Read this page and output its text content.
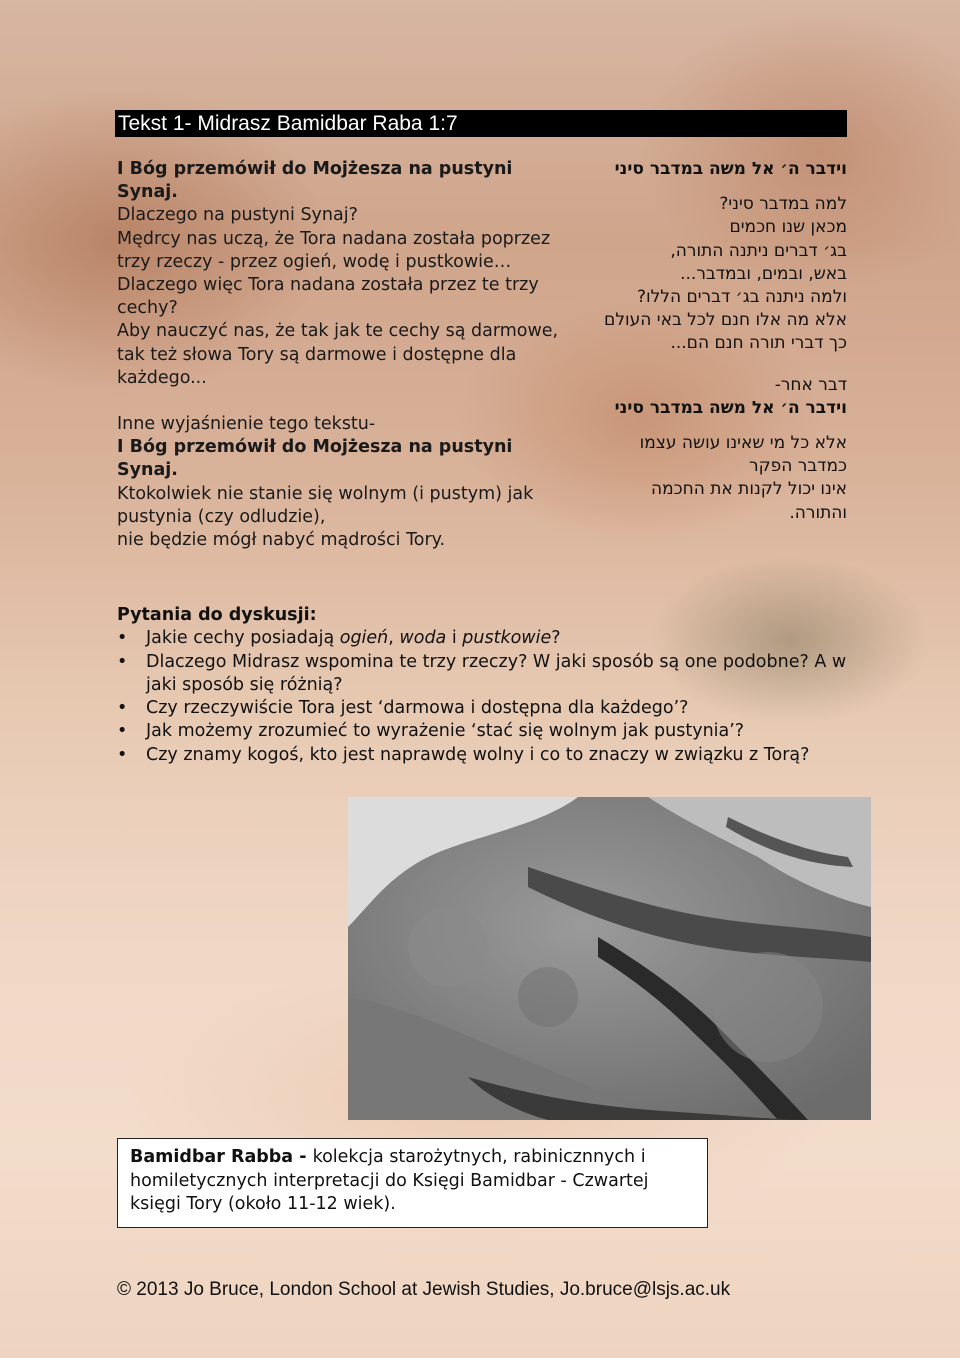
Tekst 1- Midrasz Bamidbar Raba 1:7

I Bóg przemówił do Mojżesza na pustyni

Synaj.

Dlaczego na pustyni Synaj?

Mędrcy nas uczą, że Tora nadana została poprzez

trzy rzeczy - przez ogień, wodę i pustkowie…

Dlaczego więc Tora nadana została przez te trzy

cechy?

Aby nauczyć nas, że tak jak te cechy są darmowe,

tak też słowa Tory są darmowe i dostępne dla

każdego...

Inne wyjaśnienie tego tekstu-

I Bóg przemówił do Mojżesza na pustyni

Synaj.

Ktokolwiek nie stanie się wolnym (i pustym) jak

pustynia (czy odludzie),

nie będzie mógł nabyć mądrości Tory.

וידבר ה׳ אל משה במדבר סיני

למה במדבר סיני?

מכאן שנו חכמים

בג׳ דברים ניתנה התורה,

באש, ובמים, ובמדבר...

ולמה ניתנה בג׳ דברים הללו?

אלא מה אלו חנם לכל באי העולם

כך דברי תורה חנם הם...

דבר אחר-

וידבר ה׳ אל משה במדבר סיני

אלא כל מי שאינו עושה עצמו

כמדבר הפקר

אינו יכול לקנות את החכמה

והתורה.

Pytania do dyskusji:
• Jakie cechy posiadają ogień, woda i pustkowie?
• Dlaczego Midrasz wspomina te trzy rzeczy? W jaki sposób są one podobne? A w jaki sposób się różnią?
• Czy rzeczywiście Tora jest ‘darmowa i dostępna dla każdego’?
• Jak możemy zrozumieć to wyrażenie ‘stać się wolnym jak pustynia’?
• Czy znamy kogoś, kto jest naprawdę wolny i co to znaczy w związku z Torą?
Bamidbar Rabba - kolekcja starożytnych, rabinicznnych i homiletycznych interpretacji do Księgi Bamidbar - Czwartej księgi Tory (około 11-12 wiek).
© 2013 Jo Bruce, London School at Jewish Studies, Jo.bruce@lsjs.ac.uk
